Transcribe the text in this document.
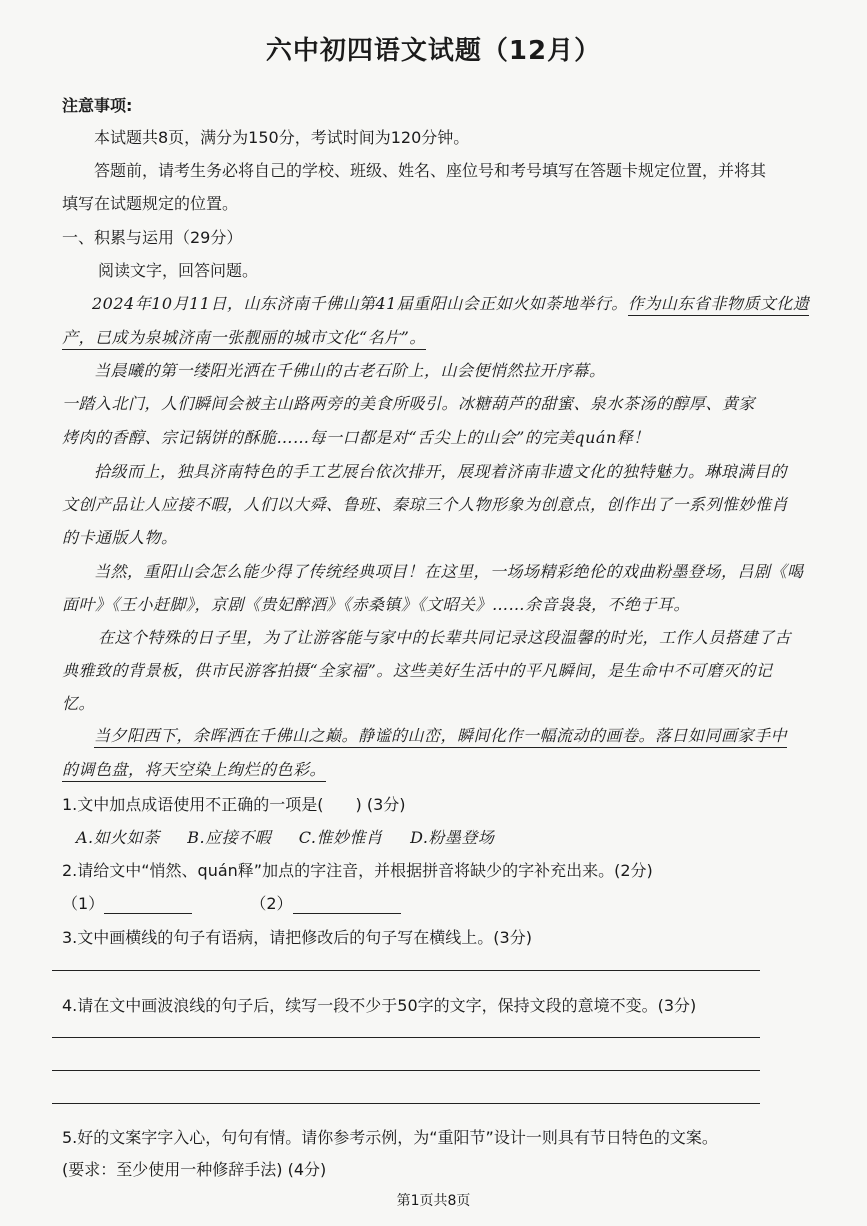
六中初四语文试题（12月）
注意事项:
本试题共8页，满分为150分，考试时间为120分钟。
答题前，请考生务必将自己的学校、班级、姓名、座位号和考号填写在答题卡规定位置，并将其
填写在试题规定的位置。
一、积累与运用（29分）
阅读文字，回答问题。
2024年10月11日，山东济南千佛山第41届重阳山会正如火如荼地举行。作为山东省非物质文化遗
产，已成为泉城济南一张靓丽的城市文化“名片”。
当晨曦的第一缕阳光洒在千佛山的古老石阶上，山会便悄然拉开序幕。
一踏入北门，人们瞬间会被主山路两旁的美食所吸引。冰糖葫芦的甜蜜、泉水茶汤的醇厚、黄家
烤肉的香醇、宗记锅饼的酥脆……每一口都是对“舌尖上的山会”的完美quán释！
拾级而上，独具济南特色的手工艺展台依次排开，展现着济南非遗文化的独特魅力。琳琅满目的
文创产品让人应接不暇，人们以大舜、鲁班、秦琼三个人物形象为创意点，创作出了一系列惟妙惟肖
的卡通版人物。
当然，重阳山会怎么能少得了传统经典项目！在这里，一场场精彩绝伦的戏曲粉墨登场，吕剧《喝
面叶》《王小赶脚》，京剧《贵妃醉酒》《赤桑镇》《文昭关》……余音袅袅，不绝于耳。
在这个特殊的日子里，为了让游客能与家中的长辈共同记录这段温馨的时光，工作人员搭建了古
典雅致的背景板，供市民游客拍摄“全家福”。这些美好生活中的平凡瞬间，是生命中不可磨灭的记
忆。
当夕阳西下，余晖洒在千佛山之巅。静谧的山峦，瞬间化作一幅流动的画卷。落日如同画家手中
的调色盘，将天空染上绚烂的色彩。
1.文中加点成语使用不正确的一项是(　　) (3分)
A.如火如荼 B.应接不暇 C.惟妙惟肖 D.粉墨登场
2.请给文中“悄然、quán释”加点的字注音，并根据拼音将缺少的字补充出来。(2分)
（1）	（2）
3.文中画横线的句子有语病，请把修改后的句子写在横线上。(3分)
4.请在文中画波浪线的句子后，续写一段不少于50字的文字，保持文段的意境不变。(3分)
5.好的文案字字入心，句句有情。请你参考示例，为“重阳节”设计一则具有节日特色的文案。
(要求：至少使用一种修辞手法) (4分)
第1页共8页
